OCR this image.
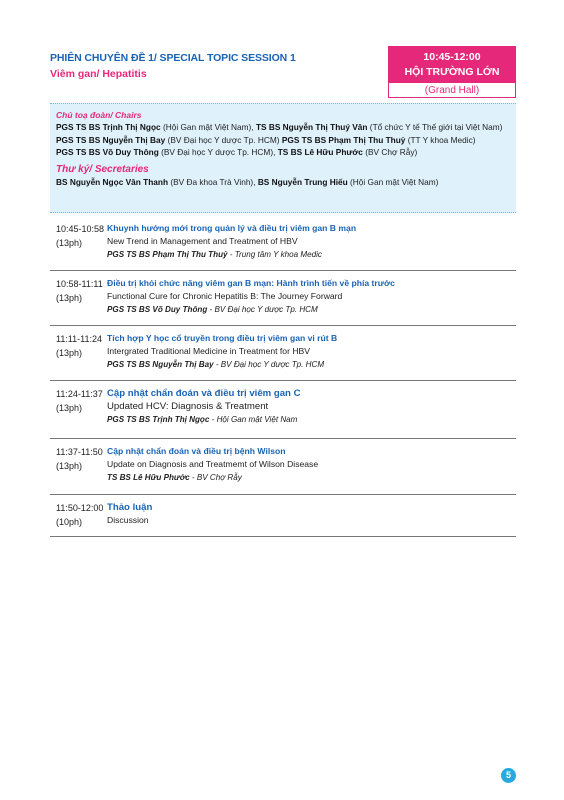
PHIÊN CHUYÊN ĐỀ 1/ SPECIAL TOPIC SESSION 1
Viêm gan/ Hepatitis
10:45-12:00
HỘI TRƯỜNG LỚN
(Grand Hall)
Chủ toạ đoàn/ Chairs
PGS TS BS Trịnh Thị Ngọc (Hội Gan mật Việt Nam), TS BS Nguyễn Thị Thuý Vân (Tổ chức Y tế Thế giới tại Việt Nam)
PGS TS BS Nguyễn Thị Bay (BV Đại học Y dược Tp. HCM) PGS TS BS Phạm Thị Thu Thuỷ (TT Y khoa Medic)
PGS TS BS Võ Duy Thông (BV Đại học Y dược Tp. HCM), TS BS Lê Hữu Phước (BV Chợ Rẫy)
Thư ký/ Secretaries
BS Nguyễn Ngọc Vân Thanh (BV Đa khoa Trà Vinh), BS Nguyễn Trung Hiếu (Hội Gan mật Việt Nam)
10:45-10:58
(13ph)
Khuynh hướng mới trong quản lý và điều trị viêm gan B mạn
New Trend in Management and Treatment of HBV
PGS TS BS Phạm Thị Thu Thuỷ - Trung tâm Y khoa Medic
10:58-11:11
(13ph)
Điều trị khỏi chức năng viêm gan B mạn: Hành trình tiến về phía trước
Functional Cure for Chronic Hepatitis B: The Journey Forward
PGS TS BS Võ Duy Thông - BV Đại học Y dược Tp. HCM
11:11-11:24
(13ph)
Tích hợp Y học cổ truyền trong điều trị viêm gan vi rút B
Intergrated Traditional Medicine in Treatment for HBV
PGS TS BS Nguyễn Thị Bay - BV Đại học Y dược Tp. HCM
11:24-11:37
(13ph)
Cập nhật chẩn đoán và điều trị viêm gan C
Updated HCV: Diagnosis & Treatment
PGS TS BS Trịnh Thị Ngọc - Hội Gan mật Việt Nam
11:37-11:50
(13ph)
Cập nhật chẩn đoán và điều trị bệnh Wilson
Update on Diagnosis and Treatmemt of Wilson Disease
TS BS Lê Hữu Phước - BV Chợ Rẫy
11:50-12:00
(10ph)
Thảo luận
Discussion
5
